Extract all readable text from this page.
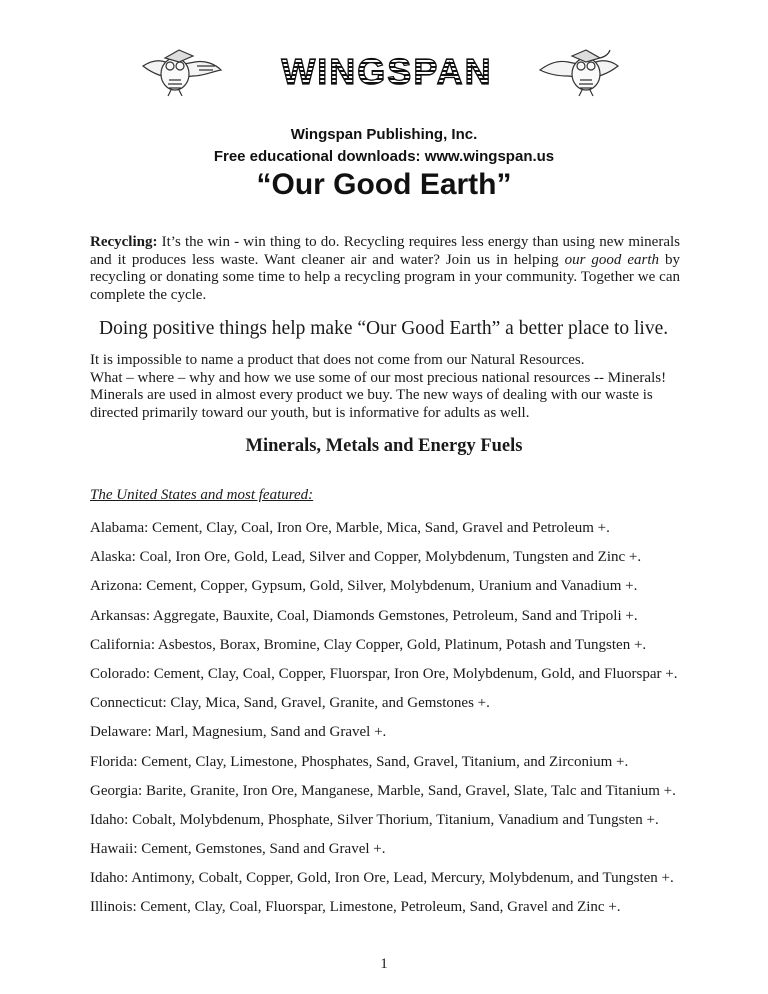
WINGSPAN
Wingspan Publishing, Inc.
Free educational downloads: www.wingspan.us
“Our Good Earth”

Recycling: It’s the win - win thing to do. Recycling requires less energy than using new minerals and it produces less waste. Want cleaner air and water? Join us in helping our good earth by recycling or donating some time to help a recycling program in your community. Together we can complete the cycle.

Doing positive things help make “Our Good Earth” a better place to live.
It is impossible to name a product that does not come from our Natural Resources.
What – where – why and how we use some of our most precious national resources -- Minerals!
Minerals are used in almost every product we buy. The new ways of dealing with our waste is directed primarily toward our youth, but is informative for adults as well.
Minerals, Metals and Energy Fuels
The United States and most featured:
Alabama: Cement, Clay, Coal, Iron Ore, Marble, Mica, Sand, Gravel and Petroleum +.
Alaska: Coal, Iron Ore, Gold, Lead, Silver and Copper, Molybdenum, Tungsten and Zinc +.
Arizona: Cement, Copper, Gypsum, Gold, Silver, Molybdenum, Uranium and Vanadium +.
Arkansas: Aggregate, Bauxite, Coal, Diamonds Gemstones, Petroleum, Sand and Tripoli +.
California: Asbestos, Borax, Bromine, Clay Copper, Gold, Platinum, Potash and Tungsten +.
Colorado: Cement, Clay, Coal, Copper, Fluorspar, Iron Ore, Molybdenum, Gold, and Fluorspar +.
Connecticut: Clay, Mica, Sand, Gravel, Granite, and Gemstones +.
Delaware: Marl, Magnesium, Sand and Gravel +.
Florida: Cement, Clay, Limestone, Phosphates, Sand, Gravel, Titanium, and Zirconium +.
Georgia: Barite, Granite, Iron Ore, Manganese, Marble, Sand, Gravel, Slate, Talc and Titanium +.
Idaho: Cobalt, Molybdenum, Phosphate, Silver Thorium, Titanium, Vanadium and Tungsten +.
Hawaii: Cement, Gemstones, Sand and Gravel +.
Idaho: Antimony, Cobalt, Copper, Gold, Iron Ore, Lead, Mercury, Molybdenum, and Tungsten +.
Illinois: Cement, Clay, Coal, Fluorspar, Limestone, Petroleum, Sand, Gravel and Zinc +.
1
